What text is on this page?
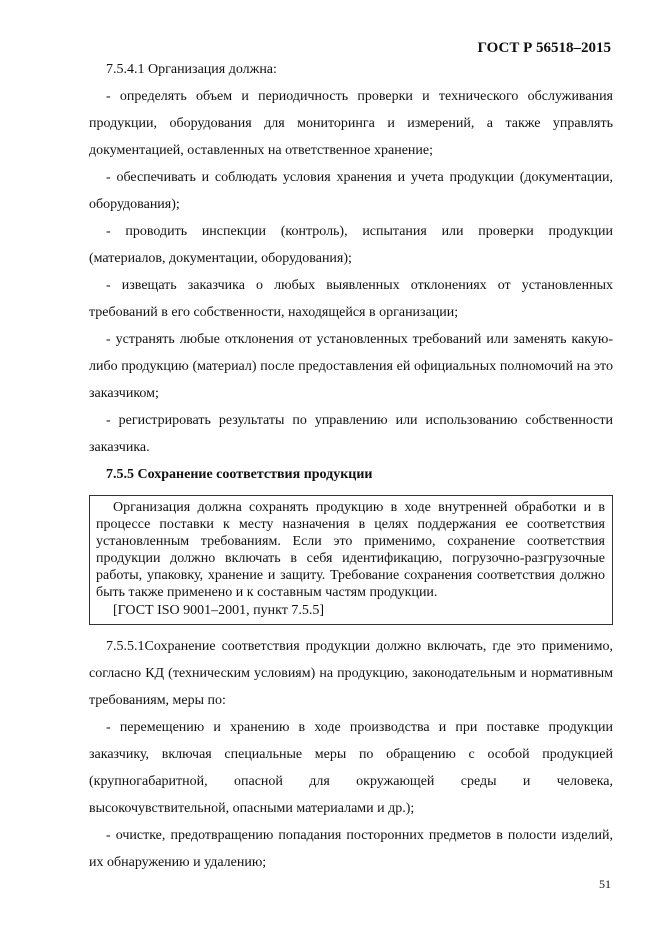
ГОСТ Р 56518–2015

7.5.4.1 Организация должна:

- определять объем и периодичность проверки и технического обслуживания продукции, оборудования для мониторинга и измерений, а также управлять документацией, оставленных на ответственное хранение;

- обеспечивать и соблюдать условия хранения и учета продукции (документации, оборудования);

- проводить инспекции (контроль), испытания или проверки продукции (материалов, документации, оборудования);

- извещать заказчика о любых выявленных отклонениях от установленных требований в его собственности, находящейся в организации;

- устранять любые отклонения от установленных требований или заменять какую-либо продукцию (материал) после предоставления ей официальных полномочий на это заказчиком;

- регистрировать результаты по управлению или использованию собственности заказчика.

7.5.5 Сохранение соответствия продукции

Организация должна сохранять продукцию в ходе внутренней обработки и в процессе поставки к месту назначения в целях поддержания ее соответствия установленным требованиям. Если это применимо, сохранение соответствия продукции должно включать в себя идентификацию, погрузочно-разгрузочные работы, упаковку, хранение и защиту. Требование сохранения соответствия должно быть также применено и к составным частям продукции.

[ГОСТ ISO 9001–2001, пункт 7.5.5]

7.5.5.1Сохранение соответствия продукции должно включать, где это применимо, согласно КД (техническим условиям) на продукцию, законодательным и нормативным требованиям, меры по:

- перемещению и хранению в ходе производства и при поставке продукции заказчику, включая специальные меры по обращению с особой продукцией (крупногабаритной, опасной для окружающей среды и человека, высокочувствительной, опасными материалами и др.);

- очистке, предотвращению попадания посторонних предметов в полости изделий, их обнаружению и удалению;

51
